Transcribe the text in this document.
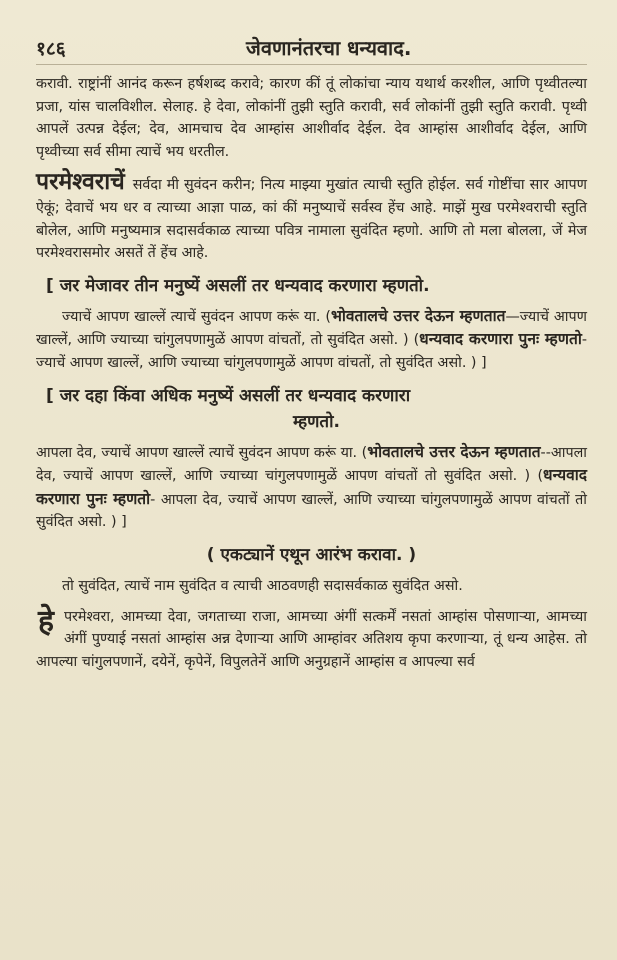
१८६	जेवणानंतरचा धन्यवाद.

करावी. राष्ट्रांनीं आनंद करून हर्षशब्द करावे; कारण कीं तूं लोकांचा न्याय यथार्थ करशील, आणि पृथ्वीतल्या प्रजा, यांस चालविशील. सेलाह. हे देवा, लोकांनीं तुझी स्तुति करावी, सर्व लोकांनीं तुझी स्तुति करावी. पृथ्वी आपलें उत्पन्न देईल; देव, आमचाच देव आम्हांस आशीर्वाद देईल. देव आम्हांस आशीर्वाद देईल, आणि पृथ्वीच्या सर्व सीमा त्याचें भय धरतील.

परमेश्वराचें सर्वदा मी सुवंदन करीन; नित्य माझ्या मुखांत त्याची स्तुति होईल. सर्व गोष्टींचा सार आपण ऐकूं; देवाचें भय धर व त्याच्या आज्ञा पाळ, कां कीं मनुष्याचें सर्वस्व हेंच आहे. माझें मुख परमेश्वराची स्तुति बोलेल, आणि मनुष्यमात्र सदासर्वकाळ त्याच्या पवित्र नामाला सुवंदित म्हणो. आणि तो मला बोलला, जें मेज परमेश्वरासमोर असतें तें हेंच आहे.

[ जर मेजावर तीन मनुष्यें असलीं तर धन्यवाद करणारा म्हणतो.

ज्याचें आपण खाल्लें त्याचें सुवंदन आपण करूं या. (भोवतालचे उत्तर देऊन म्हणतात—ज्याचें आपण खाल्लें, आणि ज्याच्या चांगुलपणामुळें आपण वांचतों, तो सुवंदित असो. ) (धन्यवाद करणारा पुनः म्हणतो-ज्याचें आपण खाल्लें, आणि ज्याच्या चांगुलपणामुळें आपण वांचतों, तो सुवंदित असो. ) ]

[ जर दहा किंवा अधिक मनुष्यें असलीं तर धन्यवाद करणारा
म्हणतो.

आपला देव, ज्याचें आपण खाल्लें त्याचें सुवंदन आपण करूं या. (भोवतालचे उत्तर देऊन म्हणतात--आपला देव, ज्याचें आपण खाल्लें, आणि ज्याच्या चांगुलपणामुळें आपण वांचतों तो सुवंदित असो. ) (धन्यवाद करणारा पुनः म्हणतो- आपला देव, ज्याचें आपण खाल्लें, आणि ज्याच्या चांगुलपणामुळें आपण वांचतों तो सुवंदित असो. ) ]

( एकट्यानें एथून आरंभ करावा. )

तो सुवंदित, त्याचें नाम सुवंदित व त्याची आठवणही सदासर्वकाळ सुवंदित असो.

हेपरमेश्वरा, आमच्या देवा, जगताच्या राजा, आमच्या अंगीं सत्कर्में नसतां आम्हांस पोसणाऱ्या, आमच्या अंगीं पुण्याई नसतां आम्हांस अन्न देणाऱ्या आणि आम्हांवर अतिशय कृपा करणाऱ्या, तूं धन्य आहेस. तो आपल्या चांगुलपणानें, दयेनें, कृपेनें, विपुलतेनें आणि अनुग्रहानें आम्हांस व आपल्या सर्व
